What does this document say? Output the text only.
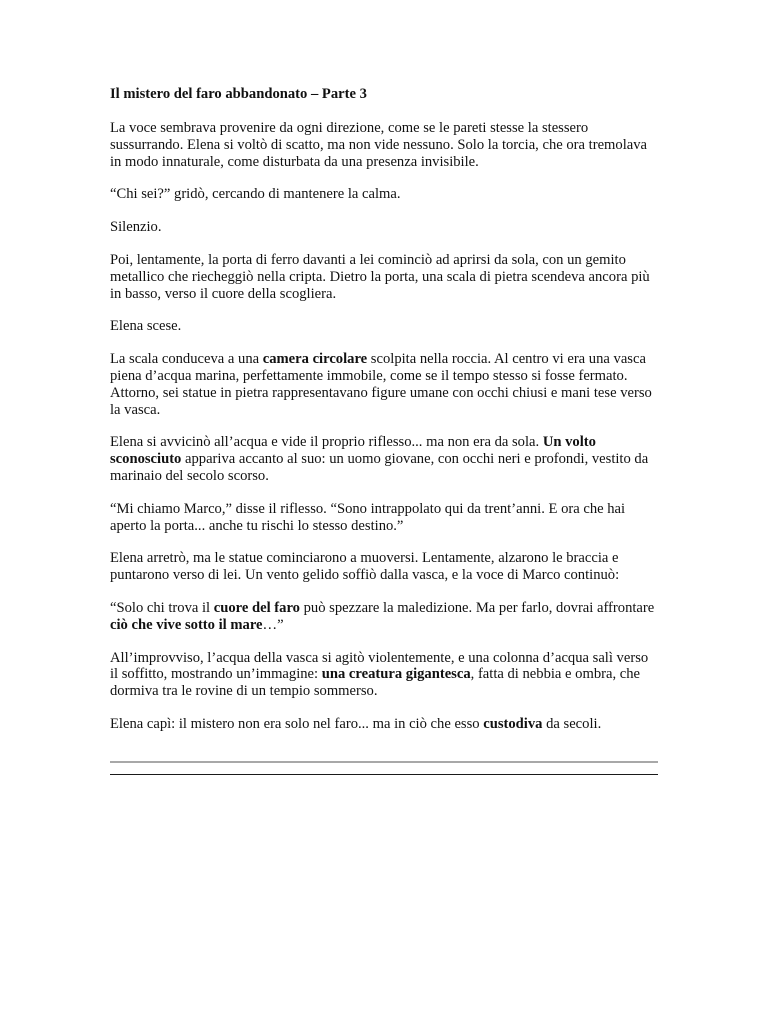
Il mistero del faro abbandonato – Parte 3

La voce sembrava provenire da ogni direzione, come se le pareti stesse la stessero sussurrando. Elena si voltò di scatto, ma non vide nessuno. Solo la torcia, che ora tremolava in modo innaturale, come disturbata da una presenza invisibile.

“Chi sei?” gridò, cercando di mantenere la calma.

Silenzio.

Poi, lentamente, la porta di ferro davanti a lei cominciò ad aprirsi da sola, con un gemito metallico che riecheggiò nella cripta. Dietro la porta, una scala di pietra scendeva ancora più in basso, verso il cuore della scogliera.

Elena scese.

La scala conduceva a una camera circolare scolpita nella roccia. Al centro vi era una vasca piena d’acqua marina, perfettamente immobile, come se il tempo stesso si fosse fermato. Attorno, sei statue in pietra rappresentavano figure umane con occhi chiusi e mani tese verso la vasca.

Elena si avvicinò all’acqua e vide il proprio riflesso... ma non era da sola. Un volto sconosciuto appariva accanto al suo: un uomo giovane, con occhi neri e profondi, vestito da marinaio del secolo scorso.

“Mi chiamo Marco,” disse il riflesso. “Sono intrappolato qui da trent’anni. E ora che hai aperto la porta... anche tu rischi lo stesso destino.”

Elena arretrò, ma le statue cominciarono a muoversi. Lentamente, alzarono le braccia e puntarono verso di lei. Un vento gelido soffiò dalla vasca, e la voce di Marco continuò:

“Solo chi trova il cuore del faro può spezzare la maledizione. Ma per farlo, dovrai affrontare ciò che vive sotto il mare…”

All’improvviso, l’acqua della vasca si agitò violentemente, e una colonna d’acqua salì verso il soffitto, mostrando un’immagine: una creatura gigantesca, fatta di nebbia e ombra, che dormiva tra le rovine di un tempio sommerso.

Elena capì: il mistero non era solo nel faro... ma in ciò che esso custodiva da secoli.
